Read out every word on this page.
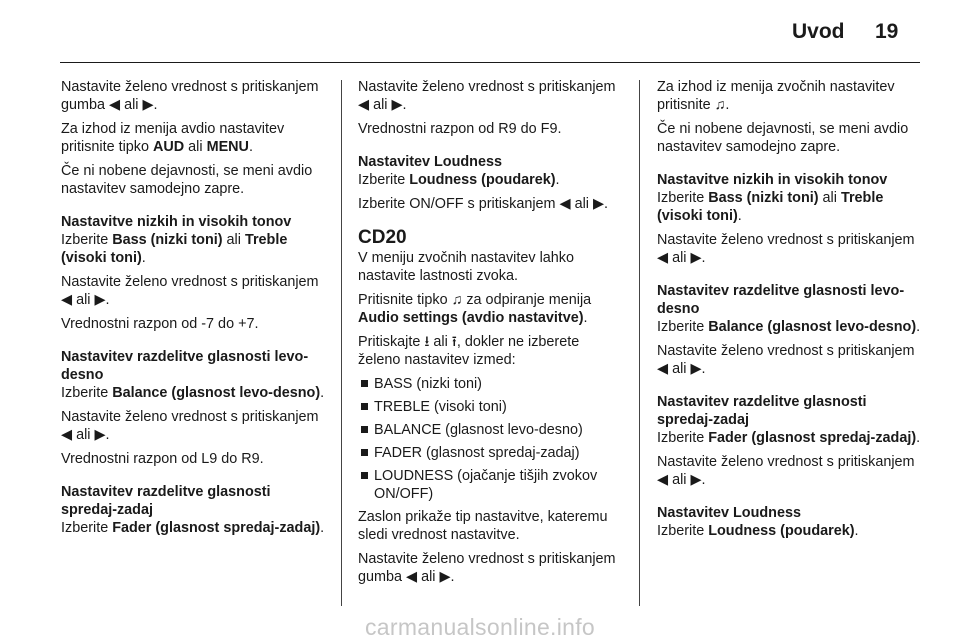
Uvod 19

Nastavite želeno vrednost s pritiskanjem gumba ◀ ali ▶.

Za izhod iz menija avdio nastavitev pritisnite tipko AUD ali MENU.

Če ni nobene dejavnosti, se meni avdio nastavitev samodejno zapre.

Nastavitve nizkih in visokih tonov

Izberite Bass (nizki toni) ali Treble (visoki toni).

Nastavite želeno vrednost s pritiskanjem ◀ ali ▶.

Vrednostni razpon od -7 do +7.

Nastavitev razdelitve glasnosti levo-desno

Izberite Balance (glasnost levo-desno).

Nastavite želeno vrednost s pritiskanjem ◀ ali ▶.

Vrednostni razpon od L9 do R9.

Nastavitev razdelitve glasnosti spredaj-zadaj

Izberite Fader (glasnost spredaj-zadaj).

Nastavite želeno vrednost s pritiskanjem ◀ ali ▶.

Vrednostni razpon od R9 do F9.

Nastavitev Loudness

Izberite Loudness (poudarek).

Izberite ON/OFF s pritiskanjem ◀ ali ▶.

CD20

V meniju zvočnih nastavitev lahko nastavite lastnosti zvoka.

Pritisnite tipko ♫ za odpiranje menija Audio settings (avdio nastavitve).

Pritiskajte ⭳ ali ⭱, dokler ne izberete želeno nastavitev izmed:

BASS (nizki toni)
TREBLE (visoki toni)
BALANCE (glasnost levo-desno)
FADER (glasnost spredaj-zadaj)
LOUDNESS (ojačanje tišjih zvokov ON/OFF)

Zaslon prikaže tip nastavitve, kateremu sledi vrednost nastavitve.

Nastavite želeno vrednost s pritiskanjem gumba ◀ ali ▶.

Za izhod iz menija zvočnih nastavitev pritisnite ♫.

Če ni nobene dejavnosti, se meni avdio nastavitev samodejno zapre.

Nastavitve nizkih in visokih tonov

Izberite Bass (nizki toni) ali Treble (visoki toni).

Nastavite želeno vrednost s pritiskanjem ◀ ali ▶.

Nastavitev razdelitve glasnosti levo-desno

Izberite Balance (glasnost levo-desno).

Nastavite želeno vrednost s pritiskanjem ◀ ali ▶.

Nastavitev razdelitve glasnosti spredaj-zadaj

Izberite Fader (glasnost spredaj-zadaj).

Nastavite želeno vrednost s pritiskanjem ◀ ali ▶.

Nastavitev Loudness

Izberite Loudness (poudarek).

carmanualsonline.info
